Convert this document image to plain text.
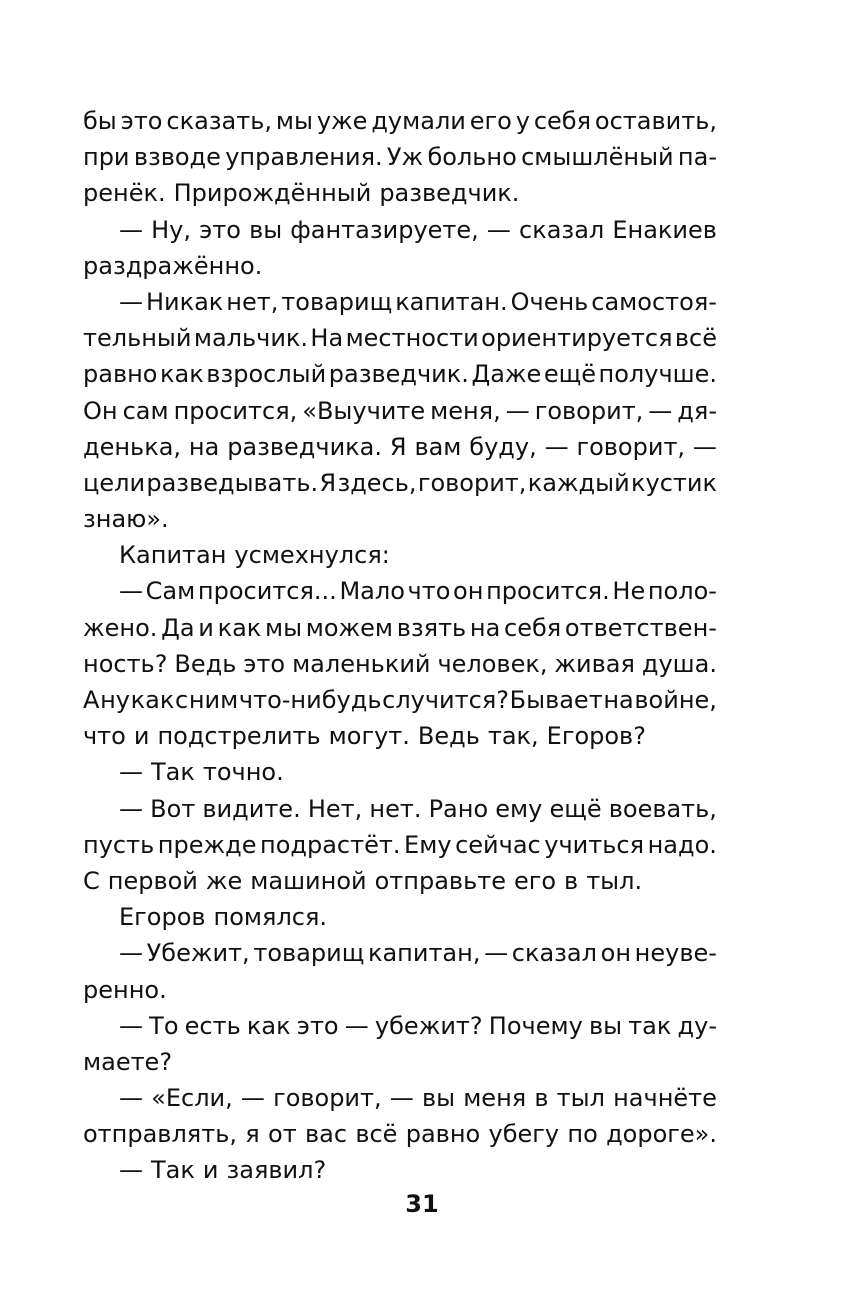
бы это сказать, мы уже думали его у себя оставить,
при взводе управления. Уж больно смышлёный па-
ренёк. Прирождённый разведчик.
— Ну, это вы фантазируете, — сказал Енакиев
раздражённо.
— Никак нет, товарищ капитан. Очень самостоя-
тельный мальчик. На местности ориентируется всё
равно как взрослый разведчик. Даже ещё получше.
Он сам просится, «Выучите меня, — говорит, — дя-
денька, на разведчика. Я вам буду, — говорит, —
цели разведывать. Я здесь, говорит, каждый кустик
знаю».
Капитан усмехнулся:
— Сам просится... Мало что он просится. Не поло-
жено. Да и как мы можем взять на себя ответствен-
ность? Ведь это маленький человек, живая душа.
А ну как с ним что-нибудь случится? Бывает на войне,
что и подстрелить могут. Ведь так, Егоров?
— Так точно.
— Вот видите. Нет, нет. Рано ему ещё воевать,
пусть прежде подрастёт. Ему сейчас учиться надо.
С первой же машиной отправьте его в тыл.
Егоров помялся.
— Убежит, товарищ капитан, — сказал он неуве-
ренно.
— То есть как это — убежит? Почему вы так ду-
маете?
— «Если, — говорит, — вы меня в тыл начнёте
отправлять, я от вас всё равно убегу по дороге».
— Так и заявил?
31
